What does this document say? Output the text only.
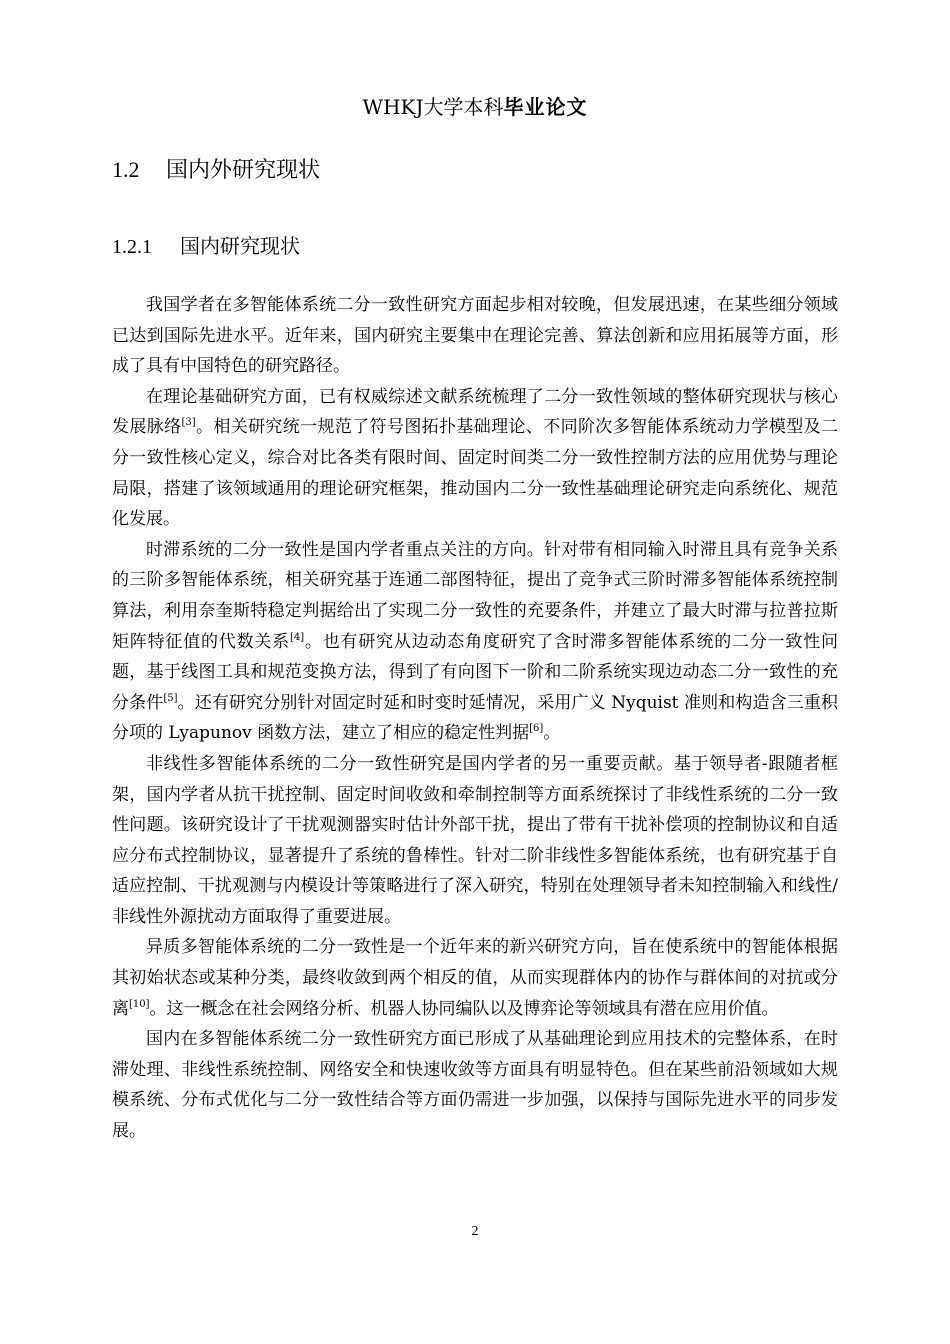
WHKJ大学本科毕业论文
1.2 国内外研究现状
1.2.1 国内研究现状

我国学者在多智能体系统二分一致性研究方面起步相对较晚，但发展迅速，在某些细分领域已达到国际先进水平。近年来，国内研究主要集中在理论完善、算法创新和应用拓展等方面，形成了具有中国特色的研究路径。

在理论基础研究方面，已有权威综述文献系统梳理了二分一致性领域的整体研究现状与核心发展脉络[3]。相关研究统一规范了符号图拓扑基础理论、不同阶次多智能体系统动力学模型及二分一致性核心定义，综合对比各类有限时间、固定时间类二分一致性控制方法的应用优势与理论局限，搭建了该领域通用的理论研究框架，推动国内二分一致性基础理论研究走向系统化、规范化发展。

时滞系统的二分一致性是国内学者重点关注的方向。针对带有相同输入时滞且具有竞争关系的三阶多智能体系统，相关研究基于连通二部图特征，提出了竞争式三阶时滞多智能体系统控制算法，利用奈奎斯特稳定判据给出了实现二分一致性的充要条件，并建立了最大时滞与拉普拉斯矩阵特征值的代数关系[4]。也有研究从边动态角度研究了含时滞多智能体系统的二分一致性问题，基于线图工具和规范变换方法，得到了有向图下一阶和二阶系统实现边动态二分一致性的充分条件[5]。还有研究分别针对固定时延和时变时延情况，采用广义 Nyquist 准则和构造含三重积分项的 Lyapunov 函数方法，建立了相应的稳定性判据[6]。

非线性多智能体系统的二分一致性研究是国内学者的另一重要贡献。基于领导者-跟随者框架，国内学者从抗干扰控制、固定时间收敛和牵制控制等方面系统探讨了非线性系统的二分一致性问题。该研究设计了干扰观测器实时估计外部干扰，提出了带有干扰补偿项的控制协议和自适应分布式控制协议，显著提升了系统的鲁棒性。针对二阶非线性多智能体系统，也有研究基于自适应控制、干扰观测与内模设计等策略进行了深入研究，特别在处理领导者未知控制输入和线性/非线性外源扰动方面取得了重要进展。

异质多智能体系统的二分一致性是一个近年来的新兴研究方向，旨在使系统中的智能体根据其初始状态或某种分类，最终收敛到两个相反的值，从而实现群体内的协作与群体间的对抗或分离[10]。这一概念在社会网络分析、机器人协同编队以及博弈论等领域具有潜在应用价值。

国内在多智能体系统二分一致性研究方面已形成了从基础理论到应用技术的完整体系，在时滞处理、非线性系统控制、网络安全和快速收敛等方面具有明显特色。但在某些前沿领域如大规模系统、分布式优化与二分一致性结合等方面仍需进一步加强，以保持与国际先进水平的同步发展。

2
